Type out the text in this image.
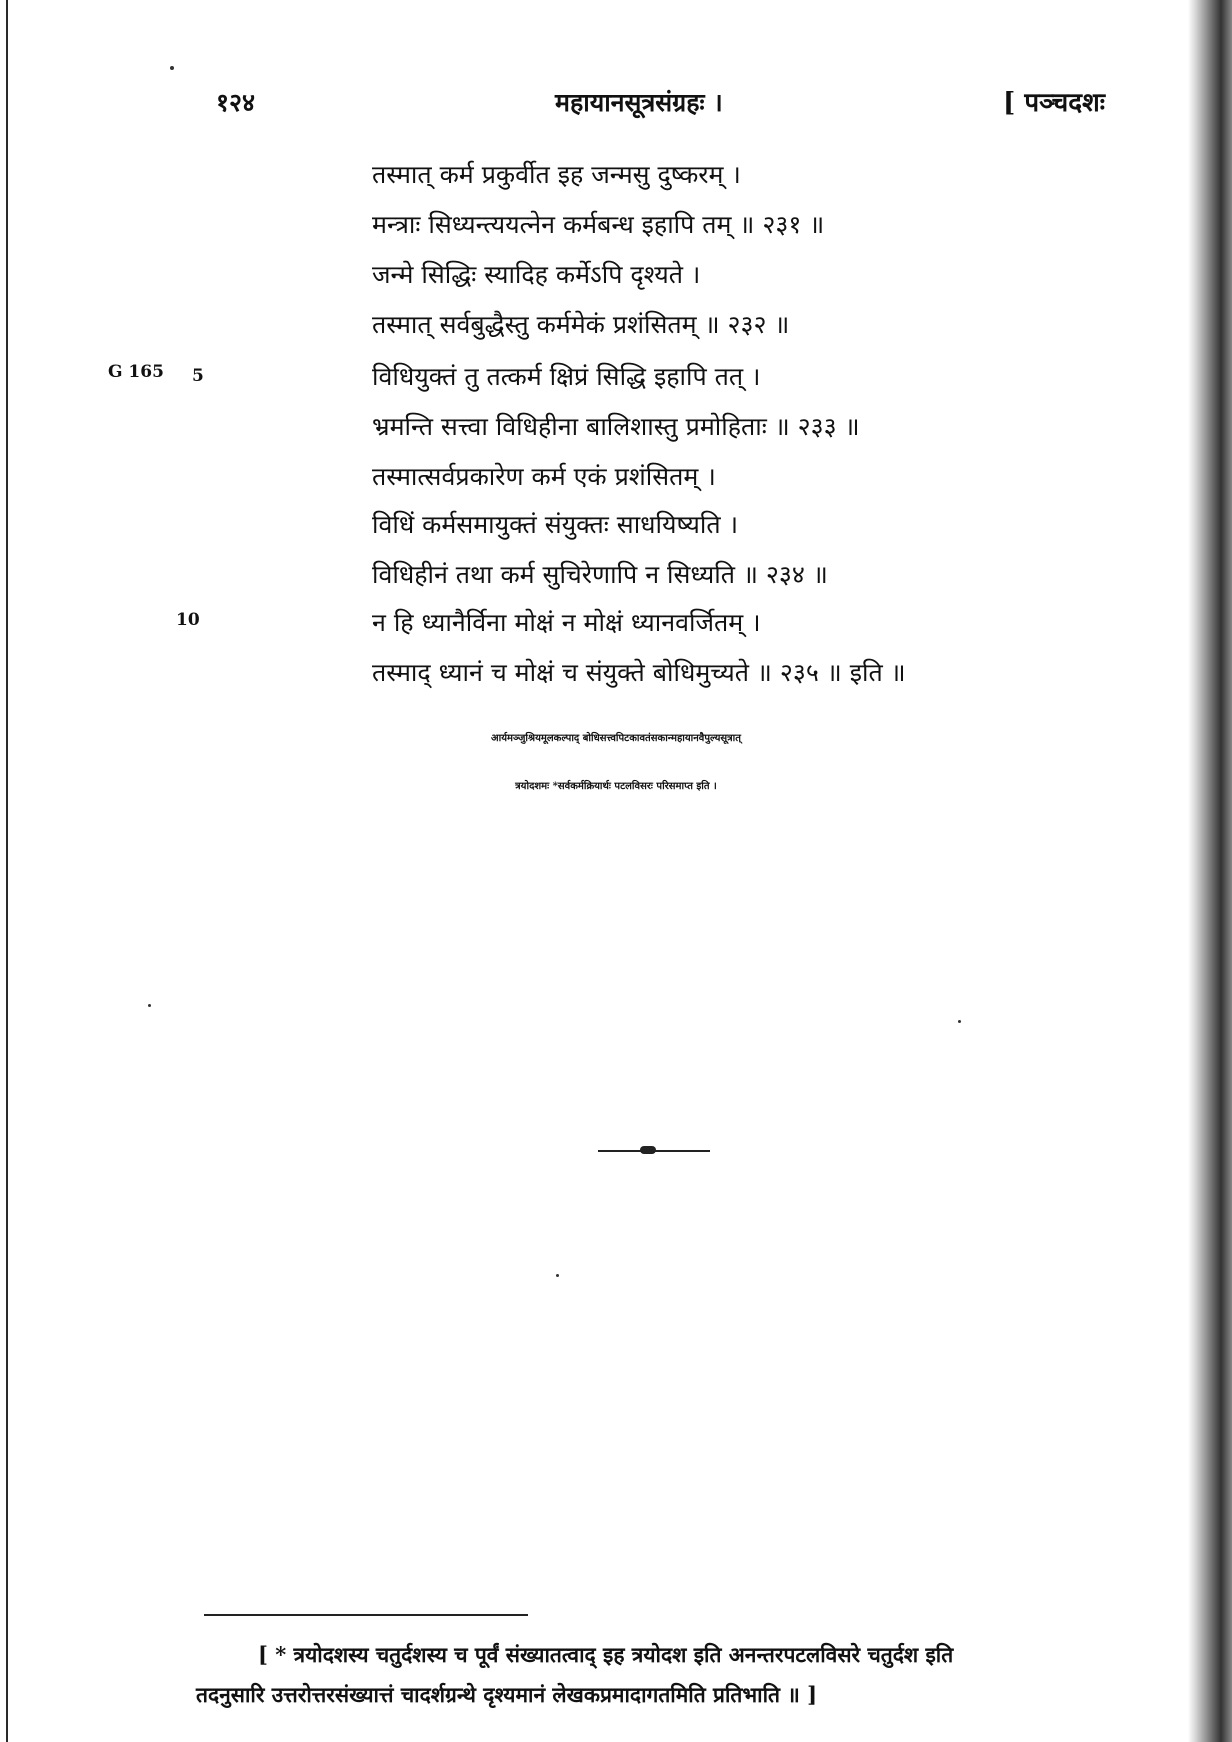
१२४	महायानसूत्रसंग्रहः ।	[ पञ्चदशः
G 165 5
10
तस्मात् कर्म प्रकुर्वीत इह जन्मसु दुष्करम् ।
मन्त्राः सिध्यन्त्ययत्नेन कर्मबन्ध इहापि तम् ॥ २३१ ॥
जन्मे सिद्धिः स्यादिह कर्मेऽपि दृश्यते ।
तस्मात् सर्वबुद्धैस्तु कर्ममेकं प्रशंसितम् ॥ २३२ ॥
विधियुक्तं तु तत्कर्म क्षिप्रं सिद्धि इहापि तत् ।
भ्रमन्ति सत्त्वा विधिहीना बालिशास्तु प्रमोहिताः ॥ २३३ ॥
तस्मात्सर्वप्रकारेण कर्म एकं प्रशंसितम् ।
विधिं कर्मसमायुक्तं संयुक्तः साधयिष्यति ।
विधिहीनं तथा कर्म सुचिरेणापि न सिध्यति ॥ २३४ ॥
न हि ध्यानैर्विना मोक्षं न मोक्षं ध्यानवर्जितम् ।
तस्माद् ध्यानं च मोक्षं च संयुक्ते बोधिमुच्यते ॥ २३५ ॥ इति ॥
आर्यमञ्जुश्रियमूलकल्पाद् बोधिसत्त्वपिटकावतंसकान्महायानवैपुल्यसूत्रात्
त्रयोदशमः *सर्वकर्मक्रियार्थः पटलविसरः परिसमाप्त इति ।
[ * त्रयोदशस्य चतुर्दशस्य च पूर्वं संख्यातत्वाद् इह त्रयोदश इति अनन्तरपटलविसरे चतुर्दश इति
तदनुसारि उत्तरोत्तरसंख्यात्तं चादर्शग्रन्थे दृश्यमानं लेखकप्रमादागतमिति प्रतिभाति ॥ ]
